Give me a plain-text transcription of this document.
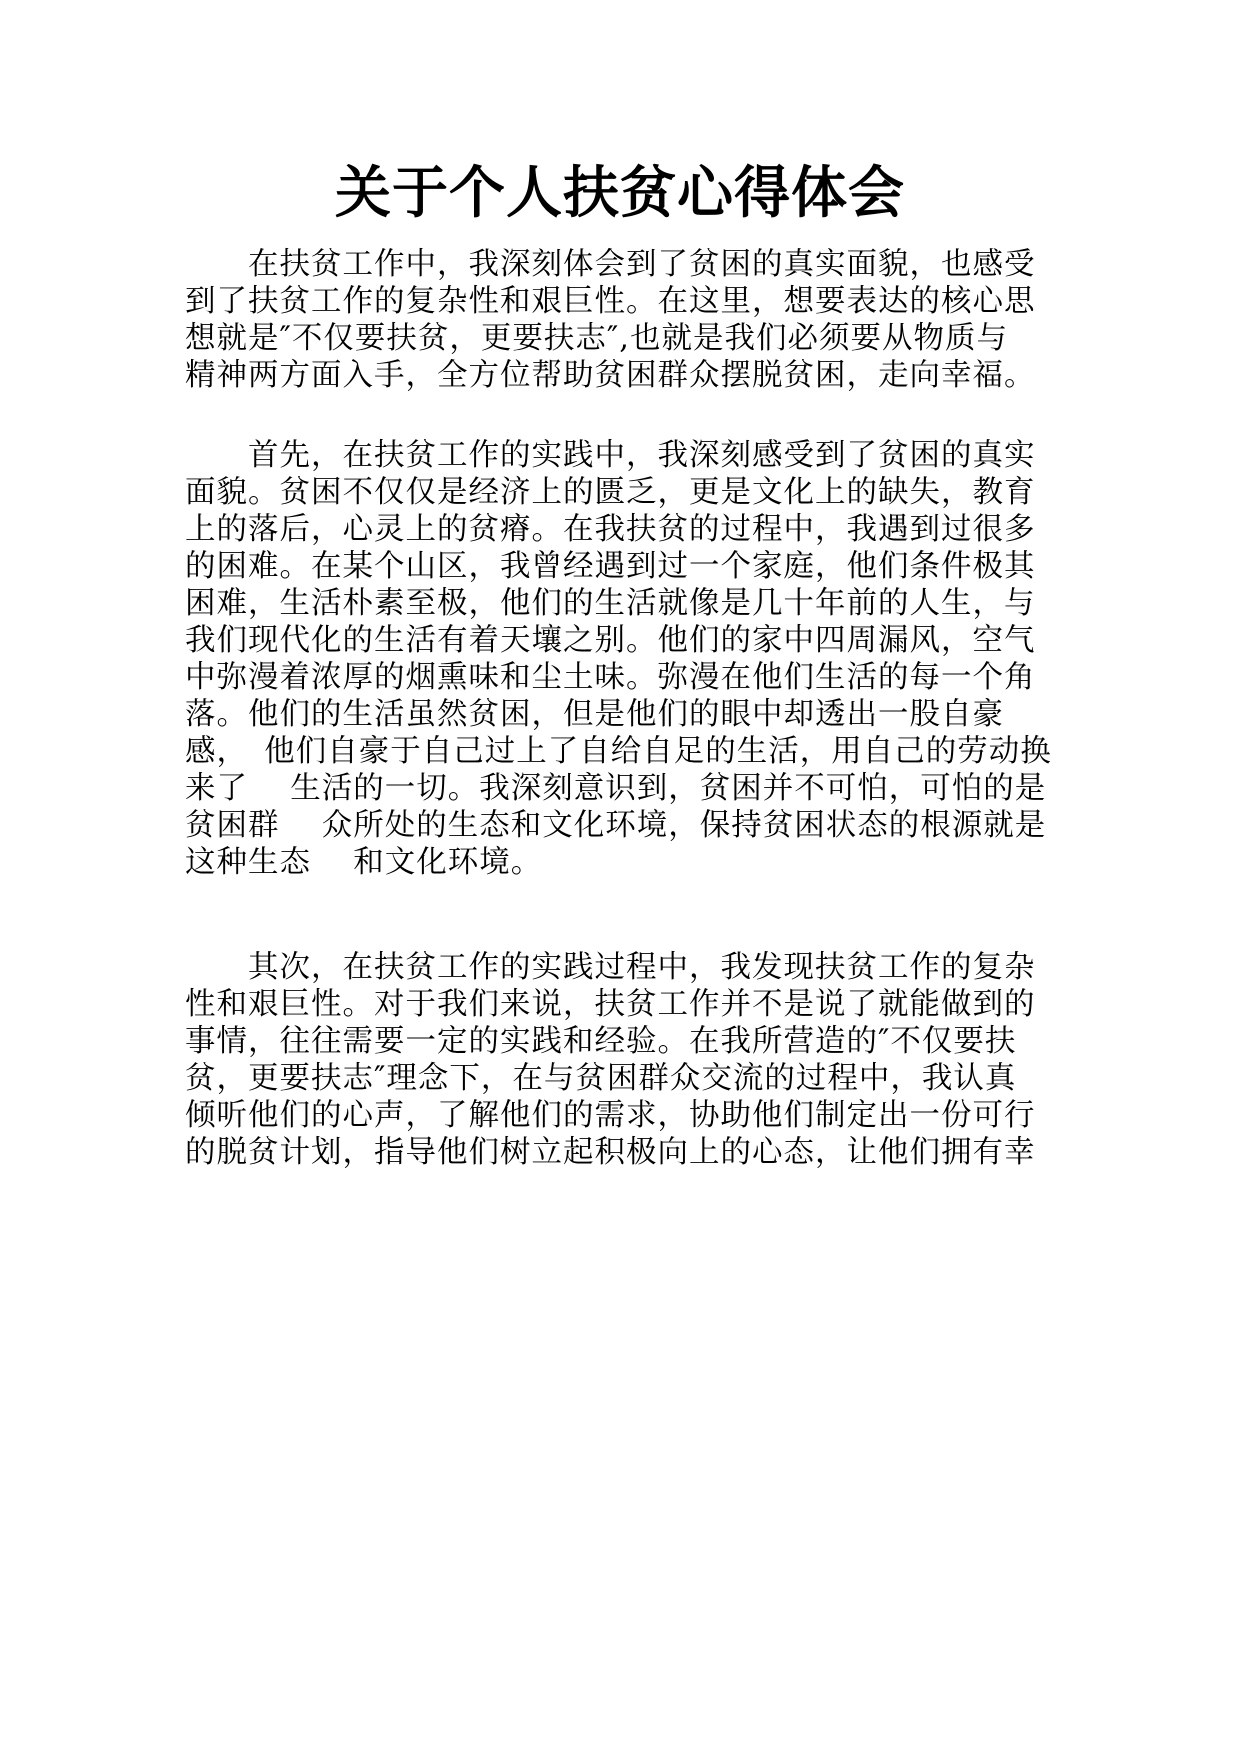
关于个人扶贫心得体会
　　在扶贫工作中，我深刻体会到了贫困的真实面貌，也感受
到了扶贫工作的复杂性和艰巨性。在这里，想要表达的核心思
想就是″不仅要扶贫，更要扶志″,也就是我们必须要从物质与
精神两方面入手，全方位帮助贫困群众摆脱贫困，走向幸福。
　　首先，在扶贫工作的实践中，我深刻感受到了贫困的真实
面貌。贫困不仅仅是经济上的匮乏，更是文化上的缺失，教育
上的落后，心灵上的贫瘠。在我扶贫的过程中，我遇到过很多
的困难。在某个山区，我曾经遇到过一个家庭，他们条件极其
困难，生活朴素至极，他们的生活就像是几十年前的人生，与
我们现代化的生活有着天壤之别。他们的家中四周漏风，空气
中弥漫着浓厚的烟熏味和尘土味。弥漫在他们生活的每一个角
落。他们的生活虽然贫困，但是他们的眼中却透出一股自豪
感，　他们自豪于自己过上了自给自足的生活，用自己的劳动换
来了　 生活的一切。我深刻意识到，贫困并不可怕，可怕的是
贫困群　 众所处的生态和文化环境，保持贫困状态的根源就是
这种生态　 和文化环境。
　　其次，在扶贫工作的实践过程中，我发现扶贫工作的复杂
性和艰巨性。对于我们来说，扶贫工作并不是说了就能做到的
事情，往往需要一定的实践和经验。在我所营造的″不仅要扶
贫，更要扶志″理念下，在与贫困群众交流的过程中，我认真
倾听他们的心声，了解他们的需求，协助他们制定出一份可行
的脱贫计划，指导他们树立起积极向上的心态，让他们拥有幸
